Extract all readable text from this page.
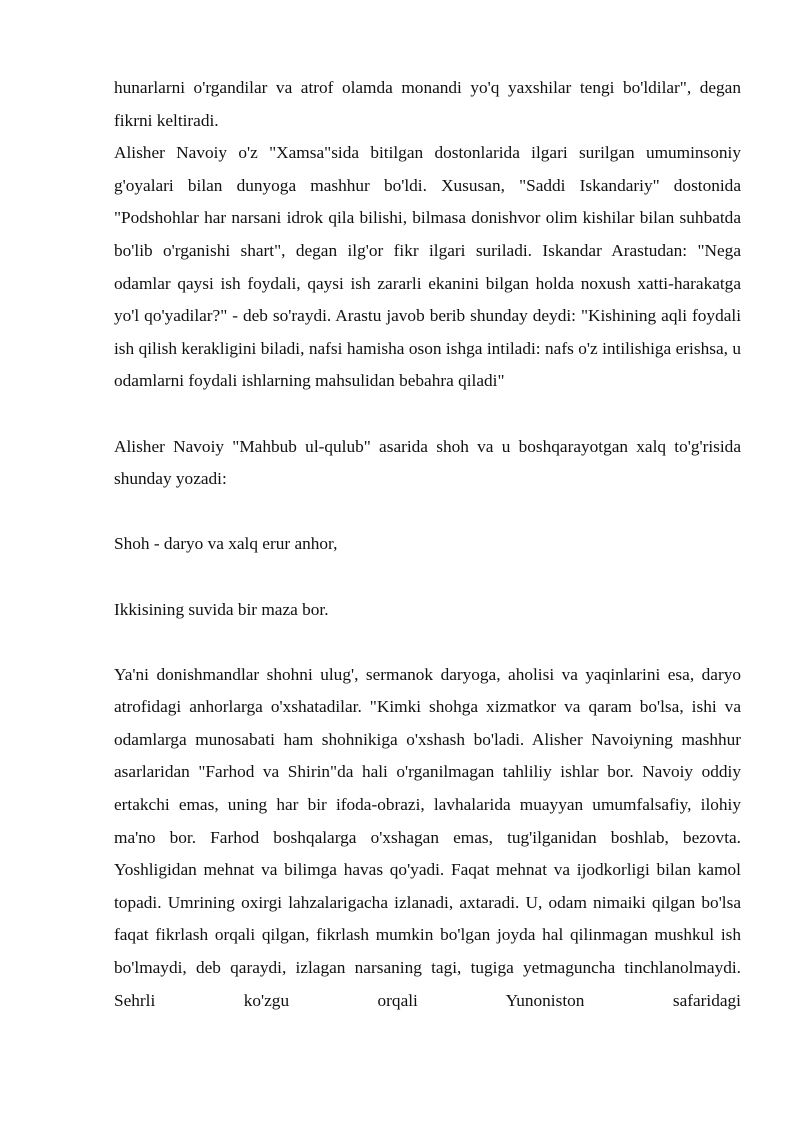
hunarlarni o'rgandilar va atrof olamda monandi yo'q yaxshilar tengi bo'ldilar", degan fikrni keltiradi.

Alisher Navoiy o'z "Xamsa"sida bitilgan dostonlarida ilgari surilgan umuminsoniy g'oyalari bilan dunyoga mashhur bo'ldi. Xususan, "Saddi Iskandariy" dostonida "Podshohlar har narsani idrok qila bilishi, bilmasa donishvor olim kishilar bilan suhbatda bo'lib o'rganishi shart", degan ilg'or fikr ilgari suriladi. Iskandar Arastudan: "Nega odamlar qaysi ish foydali, qaysi ish zararli ekanini bilgan holda noxush xatti-harakatga yo'l qo'yadilar?" - deb so'raydi. Arastu javob berib shunday deydi: "Kishining aqli foydali ish qilish kerakligini biladi, nafsi hamisha oson ishga intiladi: nafs o'z intilishiga erishsa, u odamlarni foydali ishlarning mahsulidan bebahra qiladi"

Alisher Navoiy "Mahbub ul-qulub" asarida shoh va u boshqarayotgan xalq to'g'risida shunday yozadi:

Shoh - daryo va xalq erur anhor,

Ikkisining suvida bir maza bor.

Ya'ni donishmandlar shohni ulug', sermanok daryoga, aholisi va yaqinlarini esa, daryo atrofidagi anhorlarga o'xshatadilar. "Kimki shohga xizmatkor va qaram bo'lsa, ishi va odamlarga munosabati ham shohnikiga o'xshash bo'ladi. Alisher Navoiyning mashhur asarlaridan "Farhod va Shirin"da hali o'rganilmagan tahliliy ishlar bor. Navoiy oddiy ertakchi emas, uning har bir ifoda-obrazi, lavhalarida muayyan umumfalsafiy, ilohiy ma'no bor. Farhod boshqalarga o'xshagan emas, tug'ilganidan boshlab, bezovta. Yoshligidan mehnat va bilimga havas qo'yadi. Faqat mehnat va ijodkorligi bilan kamol topadi. Umrining oxirgi lahzalarigacha izlanadi, axtaradi. U, odam nimaiki qilgan bo'lsa faqat fikrlash orqali qilgan, fikrlash mumkin bo'lgan joyda hal qilinmagan mushkul ish bo'lmaydi, deb qaraydi, izlagan narsaning tagi, tugiga yetmaguncha tinchlanolmaydi. Sehrli ko'zgu orqali Yunoniston safaridagi
